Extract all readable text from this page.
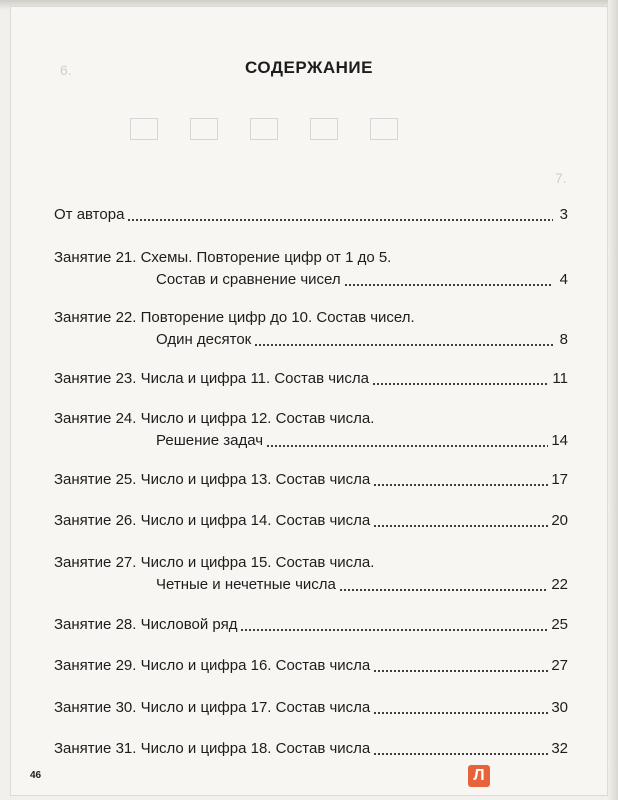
6.
7.
СОДЕРЖАНИЕ
От автора	3
Занятие 21.
Схемы. Повторение цифр от 1 до 5.
Состав и сравнение чисел	4
Занятие 22.
Повторение цифр до 10. Состав чисел.
Один десяток	8
Занятие 23.
Числа и цифра 11. Состав числа	11
Занятие 24.
Число и цифра 12. Состав числа.
Решение задач	14
Занятие 25.
Число и цифра 13. Состав числа	17
Занятие 26.
Число и цифра 14. Состав числа	20
Занятие 27.
Число и цифра 15. Состав числа.
Четные и нечетные числа	22
Занятие 28.
Числовой ряд	25
Занятие 29.
Число и цифра 16. Состав числа	27
Занятие 30.
Число и цифра 17. Состав числа	30
Занятие 31.
Число и цифра 18. Состав числа	32
46	Л
